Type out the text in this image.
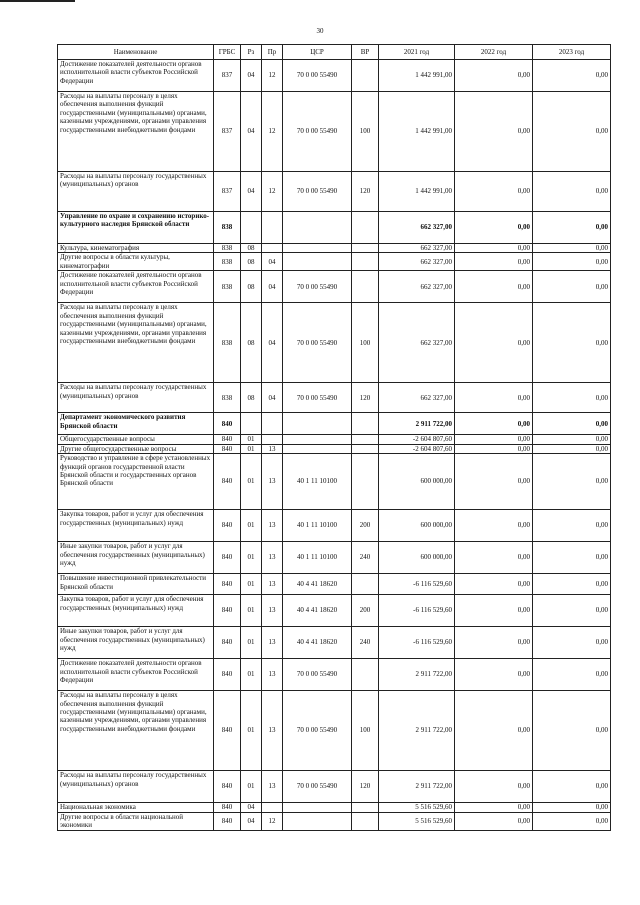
30
Наименование	ГРБС	Рз	Пр	ЦСР	ВР	2021 год	2022 год	2023 год
Достижение показателей деятельности органов исполнительной власти субъектов Российской Федерации	837	04	12	70 0 00 55490		1 442 991,00	0,00	0,00
Расходы на выплаты персоналу в целях обеспечения выполнения функций государственными (муниципальными) органами, казенными учреждениями, органами управления государственными внебюджетными фондами	837	04	12	70 0 00 55490	100	1 442 991,00	0,00	0,00
Расходы на выплаты персоналу государственных (муниципальных) органов	837	04	12	70 0 00 55490	120	1 442 991,00	0,00	0,00
Управление по охране и сохранению историко-культурного наследия Брянской области	838					662 327,00	0,00	0,00
Культура, кинематография	838	08				662 327,00	0,00	0,00
Другие вопросы в области культуры, кинематографии	838	08	04			662 327,00	0,00	0,00
Достижение показателей деятельности органов исполнительной власти субъектов Российской Федерации	838	08	04	70 0 00 55490		662 327,00	0,00	0,00
Расходы на выплаты персоналу в целях обеспечения выполнения функций государственными (муниципальными) органами, казенными учреждениями, органами управления государственными внебюджетными фондами	838	08	04	70 0 00 55490	100	662 327,00	0,00	0,00
Расходы на выплаты персоналу государственных (муниципальных) органов	838	08	04	70 0 00 55490	120	662 327,00	0,00	0,00
Департамент экономического развития Брянской области	840					2 911 722,00	0,00	0,00
Общегосударственные вопросы	840	01				-2 604 807,60	0,00	0,00
Другие общегосударственные вопросы	840	01	13			-2 604 807,60	0,00	0,00
Руководство и управление в сфере установленных функций органов государственной власти Брянской области и государственных органов Брянской области	840	01	13	40 1 11 10100		600 000,00	0,00	0,00
Закупка товаров, работ и услуг для обеспечения государственных (муниципальных) нужд	840	01	13	40 1 11 10100	200	600 000,00	0,00	0,00
Иные закупки товаров, работ и услуг для обеспечения государственных (муниципальных) нужд	840	01	13	40 1 11 10100	240	600 000,00	0,00	0,00
Повышение инвестиционной привлекательности Брянской области	840	01	13	40 4 41 18620		-6 116 529,60	0,00	0,00
Закупка товаров, работ и услуг для обеспечения государственных (муниципальных) нужд	840	01	13	40 4 41 18620	200	-6 116 529,60	0,00	0,00
Иные закупки товаров, работ и услуг для обеспечения государственных (муниципальных) нужд	840	01	13	40 4 41 18620	240	-6 116 529,60	0,00	0,00
Достижение показателей деятельности органов исполнительной власти субъектов Российской Федерации	840	01	13	70 0 00 55490		2 911 722,00	0,00	0,00
Расходы на выплаты персоналу в целях обеспечения выполнения функций государственными (муниципальными) органами, казенными учреждениями, органами управления государственными внебюджетными фондами	840	01	13	70 0 00 55490	100	2 911 722,00	0,00	0,00
Расходы на выплаты персоналу государственных (муниципальных) органов	840	01	13	70 0 00 55490	120	2 911 722,00	0,00	0,00
Национальная экономика	840	04				5 516 529,60	0,00	0,00
Другие вопросы в области национальной экономики	840	04	12			5 516 529,60	0,00	0,00
